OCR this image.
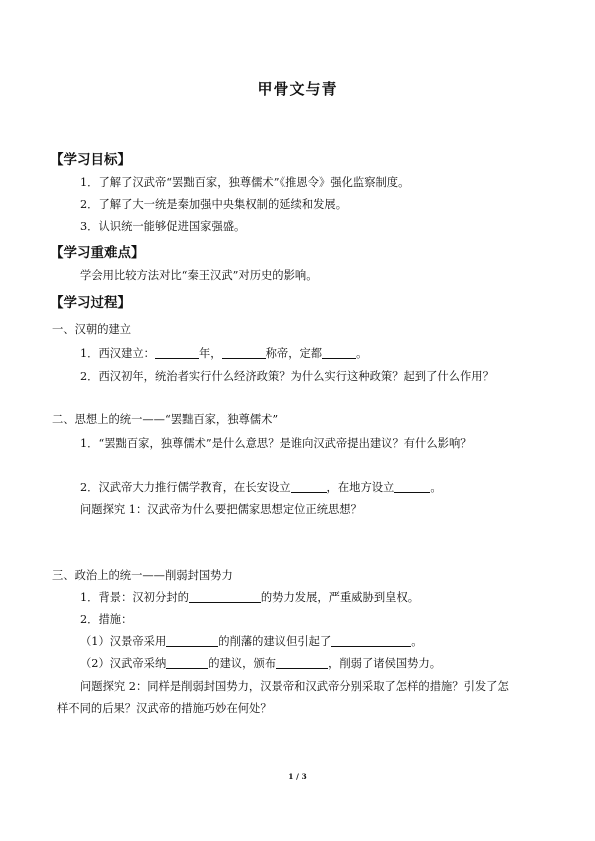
甲骨文与青
【学习目标】
1．了解了汉武帝“罢黜百家，独尊儒术”《推恩令》强化监察制度。
2．了解了大一统是秦加强中央集权制的延续和发展。
3．认识统一能够促进国家强盛。
【学习重难点】
学会用比较方法对比“秦王汉武”对历史的影响。
【学习过程】
一、汉朝的建立
1．西汉建立：	年，	称帝，定都	。
2．西汉初年，统治者实行什么经济政策？为什么实行这种政策？起到了什么作用？
二、思想上的统一——“罢黜百家，独尊儒术”
1．“罢黜百家，独尊儒术”是什么意思？是谁向汉武帝提出建议？有什么影响？
2．汉武帝大力推行儒学教育，在长安设立	，在地方设立	。
问题探究 1：汉武帝为什么要把儒家思想定位正统思想？
三、政治上的统一——削弱封国势力
1．背景：汉初分封的	的势力发展，严重威胁到皇权。
2．措施：
（1）汉景帝采用	的削藩的建议但引起了	。
（2）汉武帝采纳	的建议，颁布	，削弱了诸侯国势力。
问题探究 2：同样是削弱封国势力，汉景帝和汉武帝分别采取了怎样的措施？引发了怎
样不同的后果？汉武帝的措施巧妙在何处？
1 / 3
